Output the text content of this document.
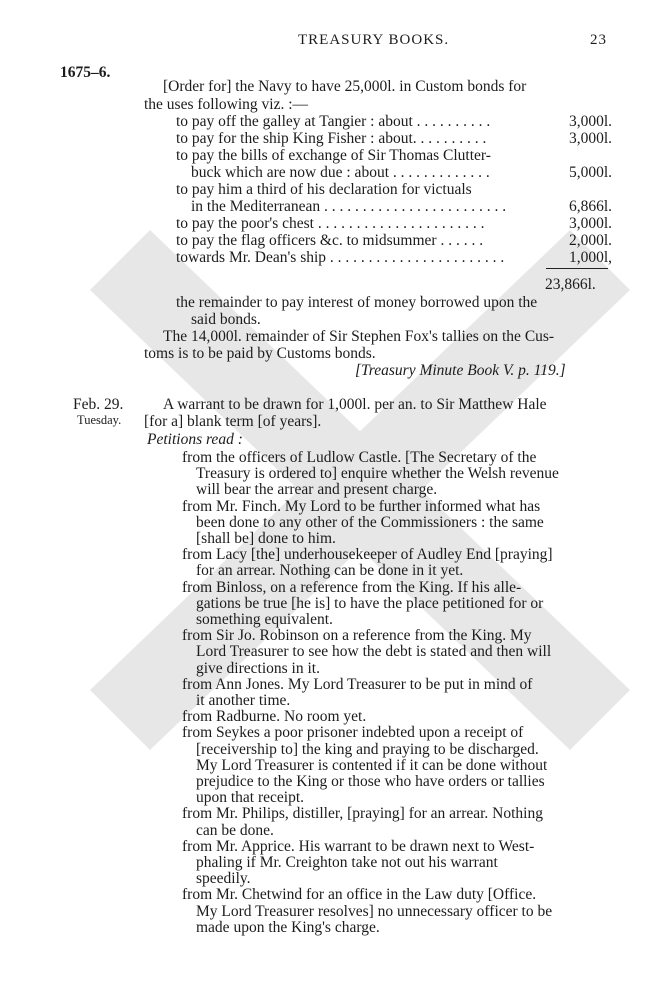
TREASURY BOOKS.	23
1675–6.
[Order for] the Navy to have 25,000l. in Custom bonds for
the uses following viz. :—
to pay off the galley at Tangier : about . . . . . . . . . .	3,000l.
to pay for the ship King Fisher : about. . . . . . . . . .	3,000l.
to pay the bills of exchange of Sir Thomas Clutter-
buck which are now due : about . . . . . . . . . . . . .	5,000l.
to pay him a third of his declaration for victuals
in the Mediterranean . . . . . . . . . . . . . . . . . . . . . . . .	6,866l.
to pay the poor's chest . . . . . . . . . . . . . . . . . . . . . .	3,000l.
to pay the flag officers &c. to midsummer . . . . . .	2,000l.
towards Mr. Dean's ship . . . . . . . . . . . . . . . . . . . . . . .	1,000l,
23,866l.
the remainder to pay interest of money borrowed upon the
said bonds.
The 14,000l. remainder of Sir Stephen Fox's tallies on the Cus-
toms is to be paid by Customs bonds.
[Treasury Minute Book V. p. 119.]
Feb. 29.
Tuesday.
A warrant to be drawn for 1,000l. per an. to Sir Matthew Hale
[for a] blank term [of years].
Petitions read :
from the officers of Ludlow Castle. [The Secretary of the
Treasury is ordered to] enquire whether the Welsh revenue
will bear the arrear and present charge.
from Mr. Finch. My Lord to be further informed what has
been done to any other of the Commissioners : the same
[shall be] done to him.
from Lacy [the] underhousekeeper of Audley End [praying]
for an arrear. Nothing can be done in it yet.
from Binloss, on a reference from the King. If his alle-
gations be true [he is] to have the place petitioned for or
something equivalent.
from Sir Jo. Robinson on a reference from the King. My
Lord Treasurer to see how the debt is stated and then will
give directions in it.
from Ann Jones. My Lord Treasurer to be put in mind of
it another time.
from Radburne. No room yet.
from Seykes a poor prisoner indebted upon a receipt of
[receivership to] the king and praying to be discharged.
My Lord Treasurer is contented if it can be done without
prejudice to the King or those who have orders or tallies
upon that receipt.
from Mr. Philips, distiller, [praying] for an arrear. Nothing
can be done.
from Mr. Apprice. His warrant to be drawn next to West-
phaling if Mr. Creighton take not out his warrant
speedily.
from Mr. Chetwind for an office in the Law duty [Office.
My Lord Treasurer resolves] no unnecessary officer to be
made upon the King's charge.
